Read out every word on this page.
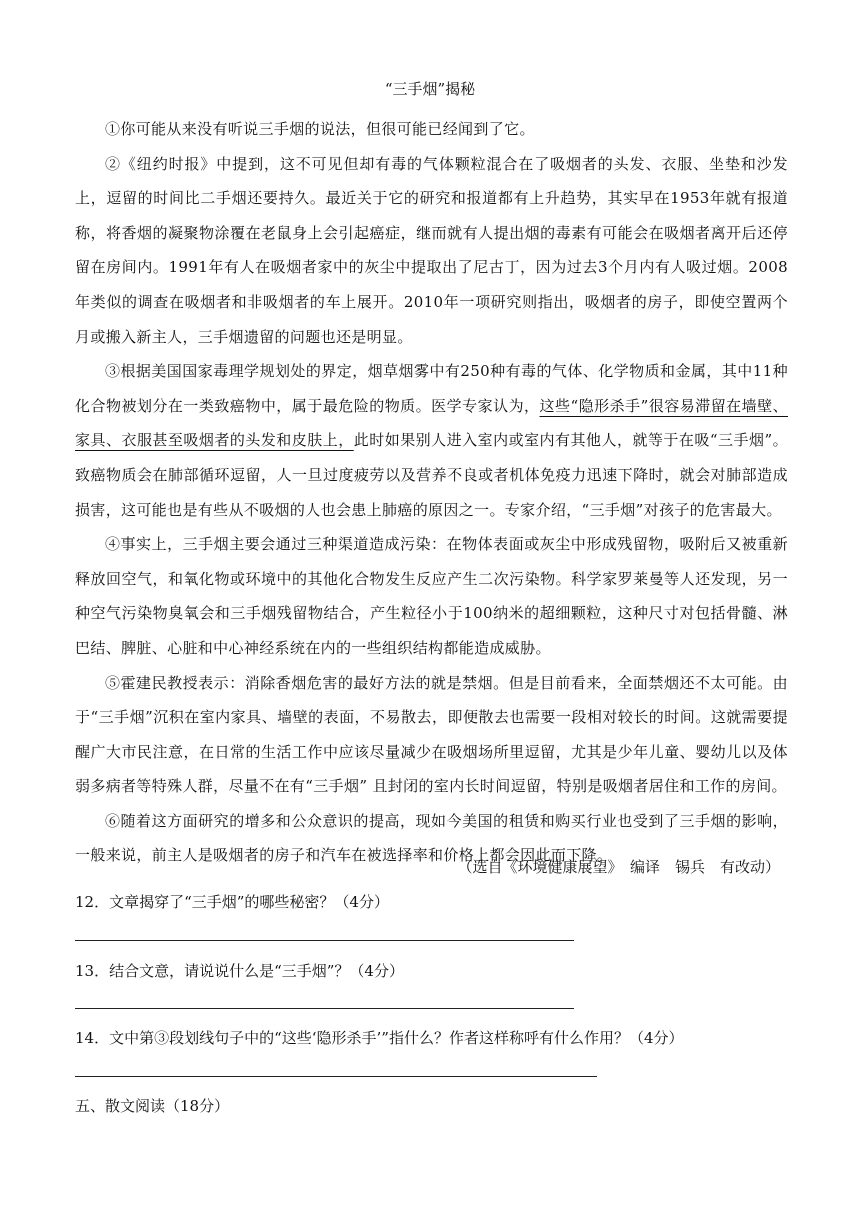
“三手烟”揭秘

①你可能从来没有听说三手烟的说法，但很可能已经闻到了它。

②《纽约时报》中提到，这不可见但却有毒的气体颗粒混合在了吸烟者的头发、衣服、坐垫和沙发上，逗留的时间比二手烟还要持久。最近关于它的研究和报道都有上升趋势，其实早在1953年就有报道称，将香烟的凝聚物涂覆在老鼠身上会引起癌症，继而就有人提出烟的毒素有可能会在吸烟者离开后还停留在房间内。1991年有人在吸烟者家中的灰尘中提取出了尼古丁，因为过去3个月内有人吸过烟。2008年类似的调查在吸烟者和非吸烟者的车上展开。2010年一项研究则指出，吸烟者的房子，即使空置两个月或搬入新主人，三手烟遗留的问题也还是明显。

③根据美国国家毒理学规划处的界定，烟草烟雾中有250种有毒的气体、化学物质和金属，其中11种化合物被划分在一类致癌物中，属于最危险的物质。医学专家认为，这些“隐形杀手”很容易滞留在墙壁、家具、衣服甚至吸烟者的头发和皮肤上，此时如果别人进入室内或室内有其他人，就等于在吸“三手烟”。致癌物质会在肺部循环逗留，人一旦过度疲劳以及营养不良或者机体免疫力迅速下降时，就会对肺部造成损害，这可能也是有些从不吸烟的人也会患上肺癌的原因之一。专家介绍，“三手烟”对孩子的危害最大。

④事实上，三手烟主要会通过三种渠道造成污染：在物体表面或灰尘中形成残留物，吸附后又被重新释放回空气，和氧化物或环境中的其他化合物发生反应产生二次污染物。科学家罗莱曼等人还发现，另一种空气污染物臭氧会和三手烟残留物结合，产生粒径小于100纳米的超细颗粒，这种尺寸对包括骨髓、淋巴结、脾脏、心脏和中心神经系统在内的一些组织结构都能造成威胁。

⑤霍建民教授表示：消除香烟危害的最好方法的就是禁烟。但是目前看来，全面禁烟还不太可能。由于“三手烟”沉积在室内家具、墙壁的表面，不易散去，即便散去也需要一段相对较长的时间。这就需要提醒广大市民注意，在日常的生活工作中应该尽量减少在吸烟场所里逗留，尤其是少年儿童、婴幼儿以及体弱多病者等特殊人群，尽量不在有“三手烟” 且封闭的室内长时间逗留，特别是吸烟者居住和工作的房间。

⑥随着这方面研究的增多和公众意识的提高，现如今美国的租赁和购买行业也受到了三手烟的影响，一般来说，前主人是吸烟者的房子和汽车在被选择率和价格上都会因此而下降。

（选自《环境健康展望》　编译　锡兵　有改动）
12．文章揭穿了“三手烟”的哪些秘密？（4分）
13．结合文意，请说说什么是“三手烟”？（4分）
14．文中第③段划线句子中的“这些‘隐形杀手’”指什么？作者这样称呼有什么作用？（4分）
五、散文阅读（18分）
